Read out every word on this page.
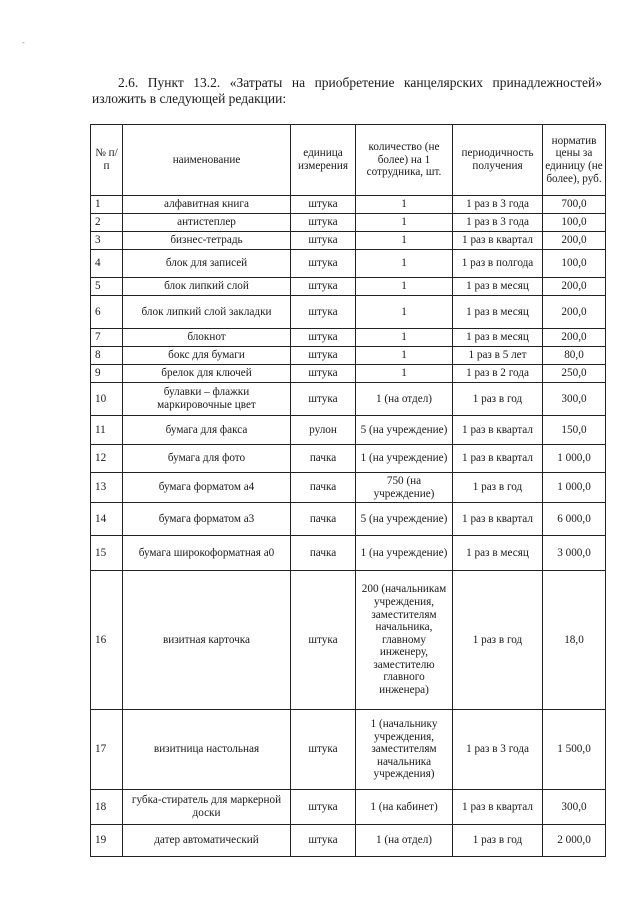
-

2.6. Пункт 13.2. «Затраты на приобретение канцелярских принадлежностей»

изложить в следующей редакции:

№ п/п	наименование	единица измерения	количество (не более) на 1 сотрудника, шт.	периодичность получения	норматив цены за единицу (не более), руб.
1	алфавитная книга	штука	1	1 раз в 3 года	700,0
2	антистеплер	штука	1	1 раз в 3 года	100,0
3	бизнес-тетрадь	штука	1	1 раз в квартал	200,0
4	блок для записей	штука	1	1 раз в полгода	100,0
5	блок липкий слой	штука	1	1 раз в месяц	200,0
6	блок липкий слой закладки	штука	1	1 раз в месяц	200,0
7	блокнот	штука	1	1 раз в месяц	200,0
8	бокс для бумаги	штука	1	1 раз в 5 лет	80,0
9	брелок для ключей	штука	1	1 раз в 2 года	250,0
10	булавки – флажки маркировочные цвет	штука	1 (на отдел)	1 раз в год	300,0
11	бумага для факса	рулон	5 (на учреждение)	1 раз в квартал	150,0
12	бумага для фото	пачка	1 (на учреждение)	1 раз в квартал	1 000,0
13	бумага форматом а4	пачка	750 (на учреждение)	1 раз в год	1 000,0
14	бумага форматом а3	пачка	5 (на учреждение)	1 раз в квартал	6 000,0
15	бумага широкоформатная а0	пачка	1 (на учреждение)	1 раз в месяц	3 000,0
16	визитная карточка	штука	200 (начальникам учреждения, заместителям начальника, главному инженеру, заместителю главного инженера)	1 раз в год	18,0
17	визитница настольная	штука	1 (начальнику учреждения, заместителям начальника учреждения)	1 раз в 3 года	1 500,0
18	губка-стиратель для маркерной доски	штука	1 (на кабинет)	1 раз в квартал	300,0
19	датер автоматический	штука	1 (на отдел)	1 раз в год	2 000,0
